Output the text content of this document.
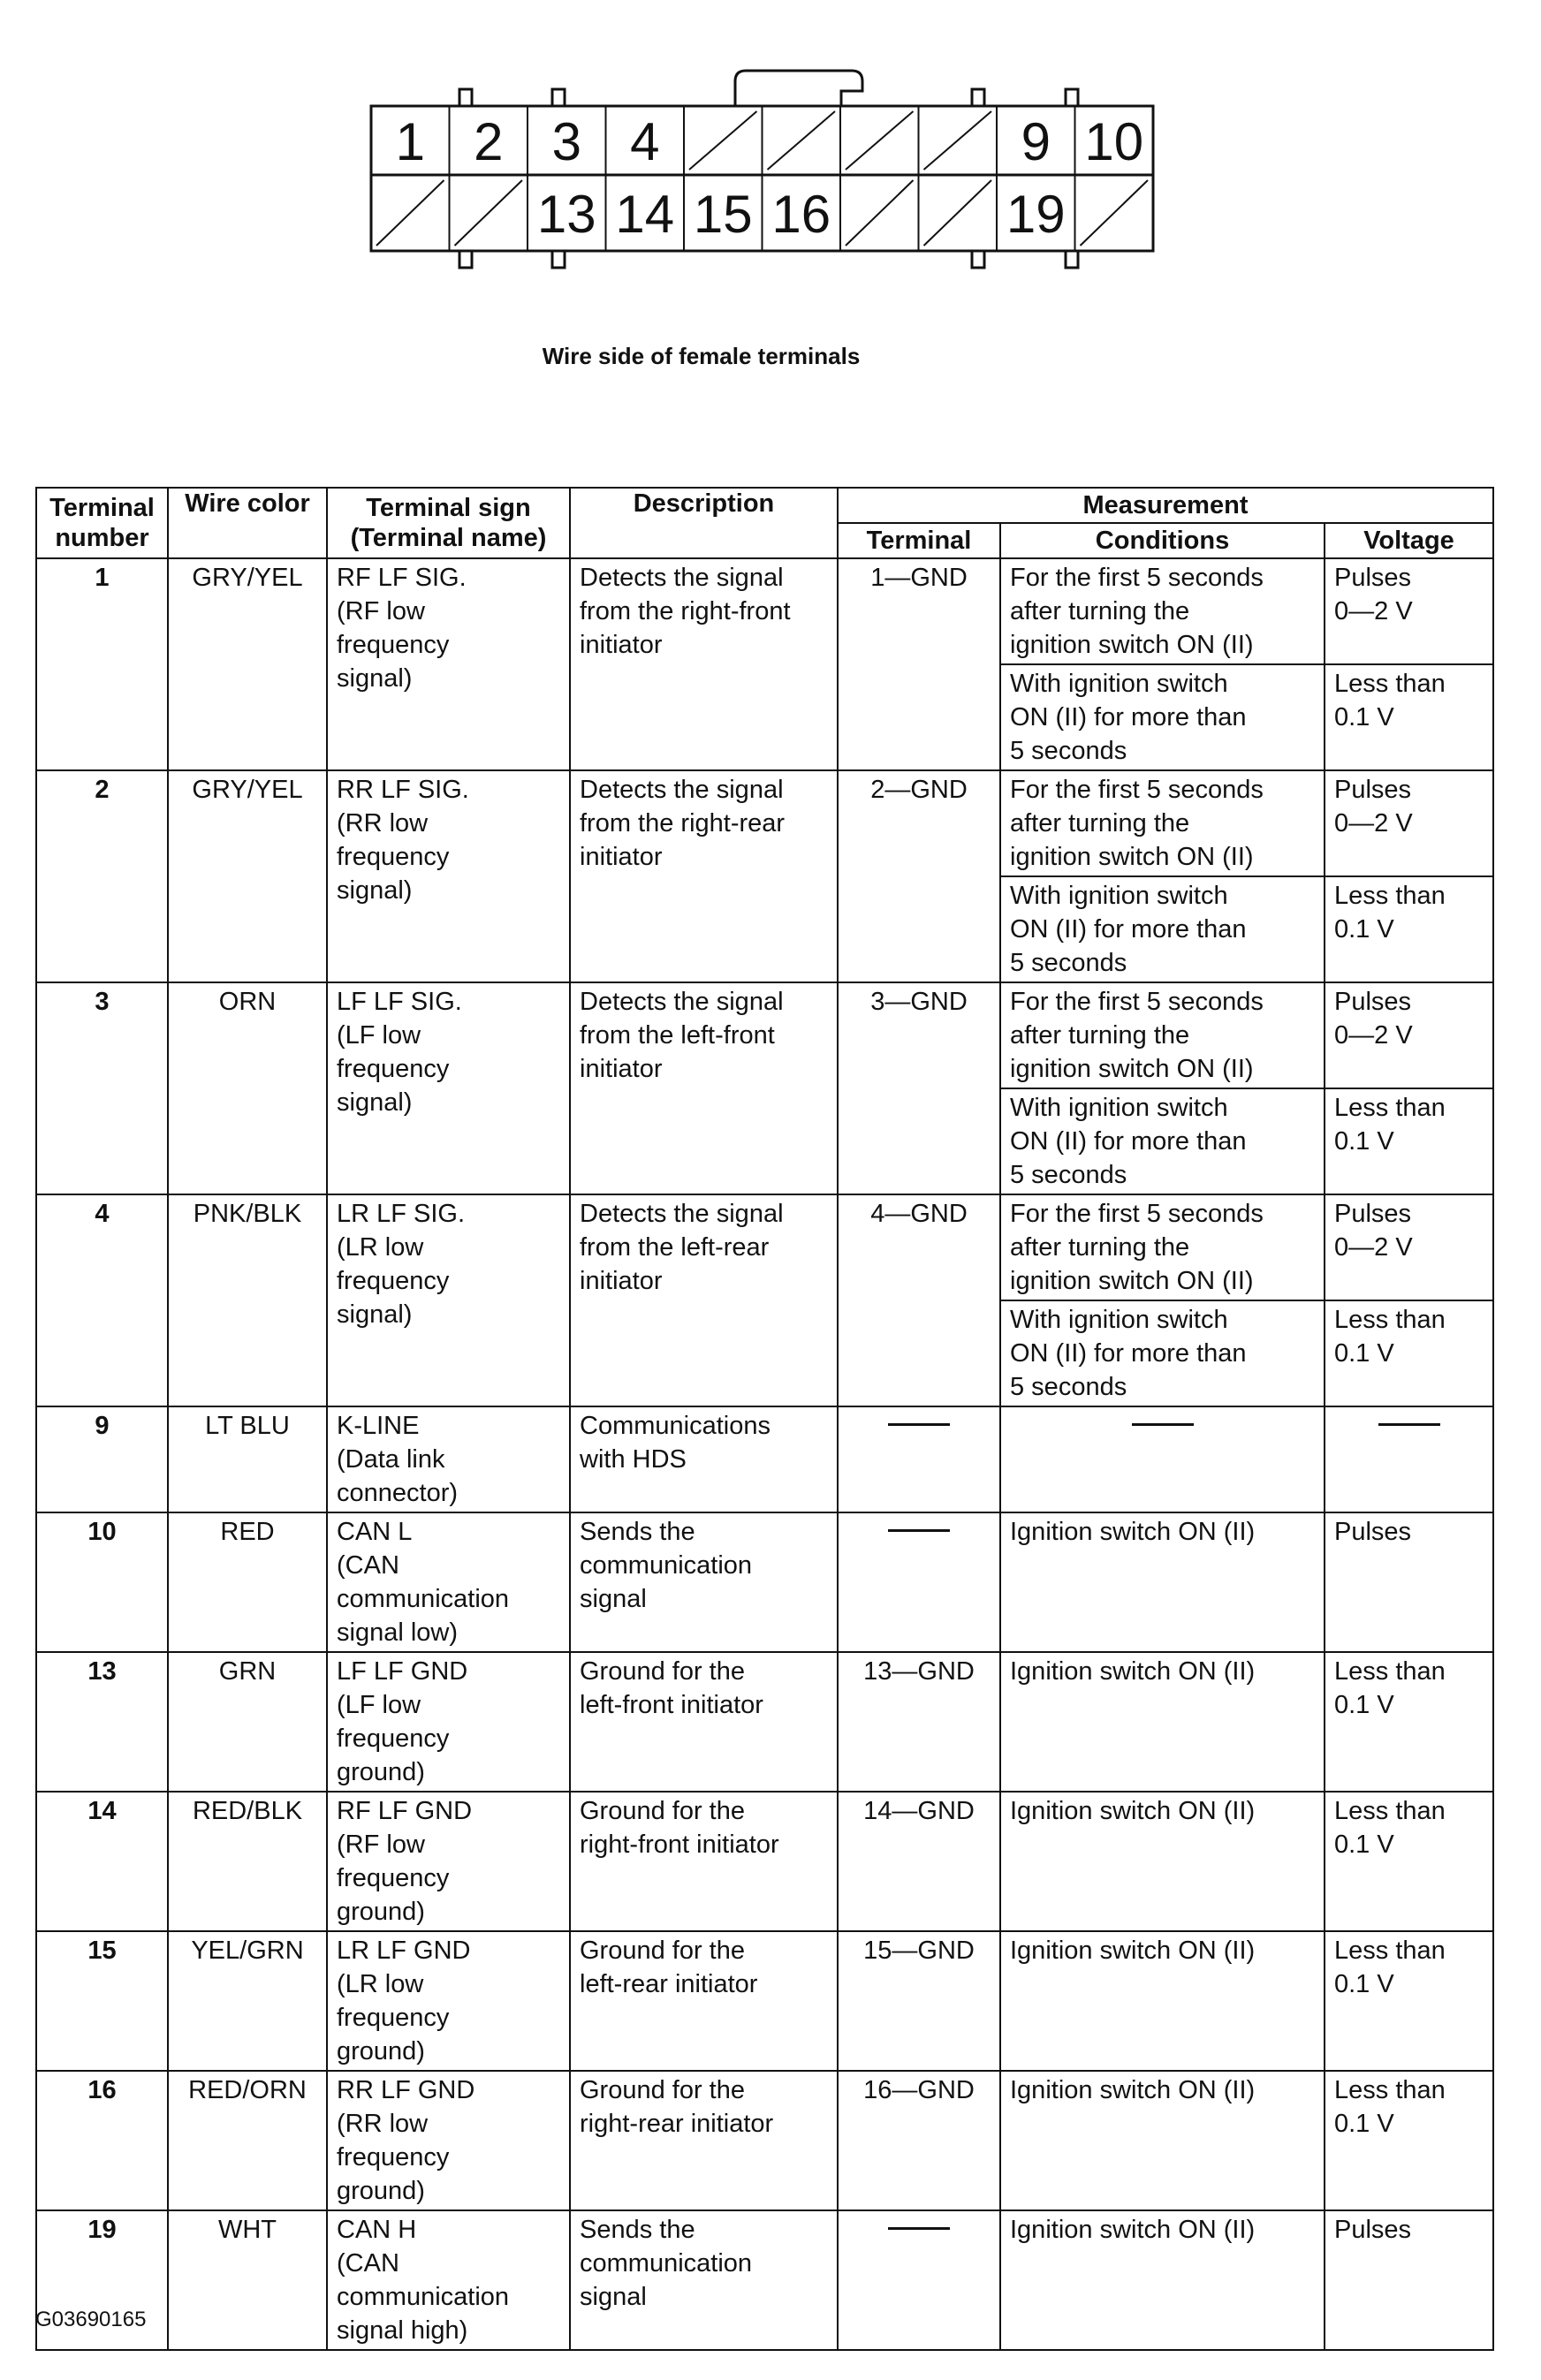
1 2 3 4	9 10
13 14 15 16	19
Wire side of female terminals
Terminal number	Wire color	Terminal sign (Terminal name)	Description	Measurement		
				Terminal	Conditions	Voltage
1	GRY/YEL	RF LF SIG.
(RF low
frequency
signal)	Detects the signal
from the right-front
initiator	1—GND	For the first 5 seconds
after turning the
ignition switch ON (II)	Pulses
0—2 V
					With ignition switch
ON (II) for more than
5 seconds	Less than
0.1 V
2	GRY/YEL	RR LF SIG.
(RR low
frequency
signal)	Detects the signal
from the right-rear
initiator	2—GND	For the first 5 seconds
after turning the
ignition switch ON (II)	Pulses
0—2 V
					With ignition switch
ON (II) for more than
5 seconds	Less than
0.1 V
3	ORN	LF LF SIG.
(LF low
frequency
signal)	Detects the signal
from the left-front
initiator	3—GND	For the first 5 seconds
after turning the
ignition switch ON (II)	Pulses
0—2 V
					With ignition switch
ON (II) for more than
5 seconds	Less than
0.1 V
4	PNK/BLK	LR LF SIG.
(LR low
frequency
signal)	Detects the signal
from the left-rear
initiator	4—GND	For the first 5 seconds
after turning the
ignition switch ON (II)	Pulses
0—2 V
					With ignition switch
ON (II) for more than
5 seconds	Less than
0.1 V
9	LT BLU	K-LINE
(Data link
connector)	Communications
with HDS			
10	RED	CAN L
(CAN
communication
signal low)	Sends the
communication
signal		Ignition switch ON (II)	Pulses
13	GRN	LF LF GND
(LF low
frequency
ground)	Ground for the
left-front initiator	13—GND	Ignition switch ON (II)	Less than
0.1 V
14	RED/BLK	RF LF GND
(RF low
frequency
ground)	Ground for the
right-front initiator	14—GND	Ignition switch ON (II)	Less than
0.1 V
15	YEL/GRN	LR LF GND
(LR low
frequency
ground)	Ground for the
left-rear initiator	15—GND	Ignition switch ON (II)	Less than
0.1 V
16	RED/ORN	RR LF GND
(RR low
frequency
ground)	Ground for the
right-rear initiator	16—GND	Ignition switch ON (II)	Less than
0.1 V
19	WHT	CAN H
(CAN
communication
signal high)	Sends the
communication
signal		Ignition switch ON (II)	Pulses
G03690165
